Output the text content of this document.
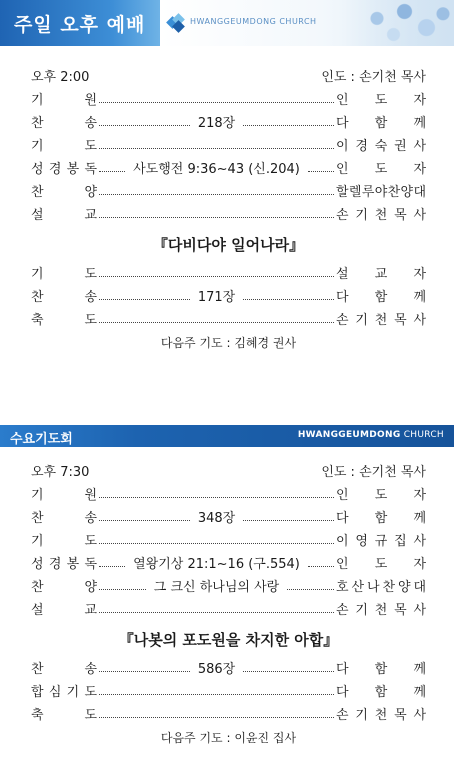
주일 오후 예배	HWANGGEUMDONG CHURCH
오후 2:00	인도 : 손기천 목사
기	원	인 도 자
찬	송	218장	다 함 께
기	도	이 경 숙 권 사
성 경 봉 독	사도행전 9:36~43 (신.204)	인 도 자
찬	양	할 렐 루 야 찬 양 대
설	교	손 기 천 목 사
『다비다야 일어나라』
기	도	설 교 자
찬	송	171장	다 함 께
축	도	손 기 천 목 사
다음주 기도 : 김혜경 권사
수요기도회	HWANGGEUMDONG CHURCH
오후 7:30	인도 : 손기천 목사
기	원	인 도 자
찬	송	348장	다 함 께
기	도	이 영 규 집 사
성 경 봉 독	열왕기상 21:1~16 (구.554)	인 도 자
찬	양	그 크신 하나님의 사랑	호 산 나 찬 양 대
설	교	손 기 천 목 사
『나봇의 포도원을 차지한 아합』
찬	송	586장	다 함 께
합 심 기 도	다 함 께
축	도	손 기 천 목 사
다음주 기도 : 이윤진 집사
